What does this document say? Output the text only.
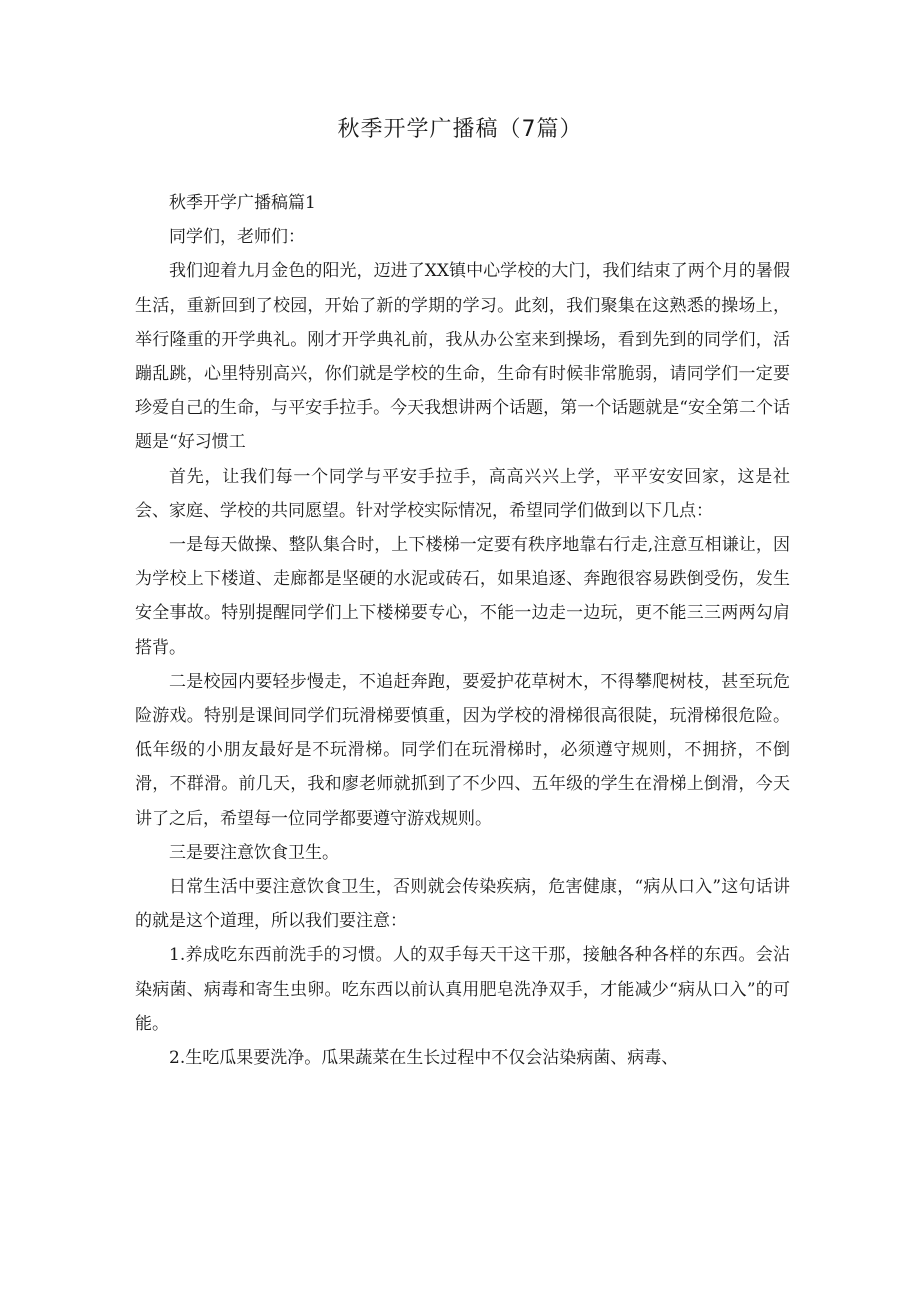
秋季开学广播稿（7篇）

秋季开学广播稿篇1

同学们，老师们：

我们迎着九月金色的阳光，迈进了XX镇中心学校的大门，我们结束了两个月的暑假生活，重新回到了校园，开始了新的学期的学习。此刻，我们聚集在这熟悉的操场上，举行隆重的开学典礼。刚才开学典礼前，我从办公室来到操场，看到先到的同学们，活蹦乱跳，心里特别高兴，你们就是学校的生命，生命有时候非常脆弱，请同学们一定要珍爱自己的生命，与平安手拉手。今天我想讲两个话题，第一个话题就是“安全第二个话题是“好习惯工

首先，让我们每一个同学与平安手拉手，高高兴兴上学，平平安安回家，这是社会、家庭、学校的共同愿望。针对学校实际情况，希望同学们做到以下几点：

一是每天做操、整队集合时，上下楼梯一定要有秩序地靠右行走,注意互相谦让，因为学校上下楼道、走廊都是坚硬的水泥或砖石，如果追逐、奔跑很容易跌倒受伤，发生安全事故。特别提醒同学们上下楼梯要专心，不能一边走一边玩，更不能三三两两勾肩搭背。

二是校园内要轻步慢走，不追赶奔跑，要爱护花草树木，不得攀爬树枝，甚至玩危险游戏。特别是课间同学们玩滑梯要慎重，因为学校的滑梯很高很陡，玩滑梯很危险。低年级的小朋友最好是不玩滑梯。同学们在玩滑梯时，必须遵守规则，不拥挤，不倒滑，不群滑。前几天，我和廖老师就抓到了不少四、五年级的学生在滑梯上倒滑，今天讲了之后，希望每一位同学都要遵守游戏规则。

三是要注意饮食卫生。

日常生活中要注意饮食卫生，否则就会传染疾病，危害健康，“病从口入”这句话讲的就是这个道理，所以我们要注意：

1.养成吃东西前洗手的习惯。人的双手每天干这干那，接触各种各样的东西。会沾染病菌、病毒和寄生虫卵。吃东西以前认真用肥皂洗净双手，才能减少“病从口入”的可能。

2.生吃瓜果要洗净。瓜果蔬菜在生长过程中不仅会沾染病菌、病毒、
